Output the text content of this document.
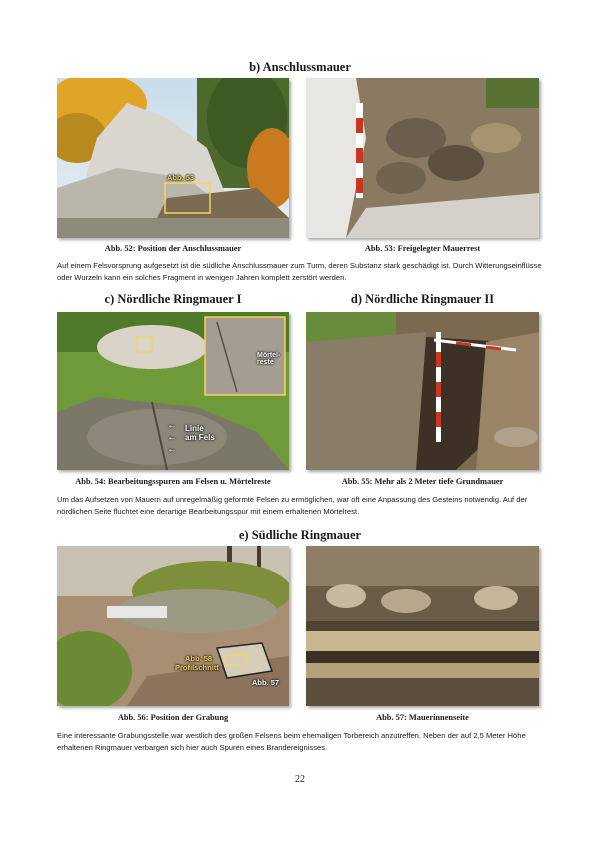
b) Anschlussmauer
Abb. 53
Abb. 52: Position der Anschlussmauer	Abb. 53: Freigelegter Mauerrest
Auf einem Felsvorsprung aufgesetzt ist die südliche Anschlussmauer zum Turm, deren Substanz stark geschädigt ist. Durch Witterungseinflüsse oder Wurzeln kann ein solches Fragment in wenigen Jahren komplett zerstört werden.
c) Nördliche Ringmauer I	d) Nördliche Ringmauer II
Mörtel-
reste
Linie
am Fels
←
←
←
Abb. 54: Bearbeitungsspuren am Felsen u. Mörtelreste	Abb. 55: Mehr als 2 Meter tiefe Grundmauer
Um das Aufsetzen von Mauern auf unregelmäßig geformte Felsen zu ermöglichen, war oft eine Anpassung des Gesteins notwendig. Auf der nördlichen Seite fluchtet eine derartige Bearbeitungsspur mit einem erhaltenen Mörtelrest.
e) Südliche Ringmauer
Abb. 58
Profilschnitt
Abb. 57
Abb. 56: Position der Grabung	Abb. 57: Mauerinnenseite
Eine interessante Grabungsstelle war westlich des großen Felsens beim ehemaligen Torbereich anzutreffen. Neben der auf 2,5 Meter Höhe erhaltenen Ringmauer verbargen sich hier auch Spuren eines Brandereignisses.
22
